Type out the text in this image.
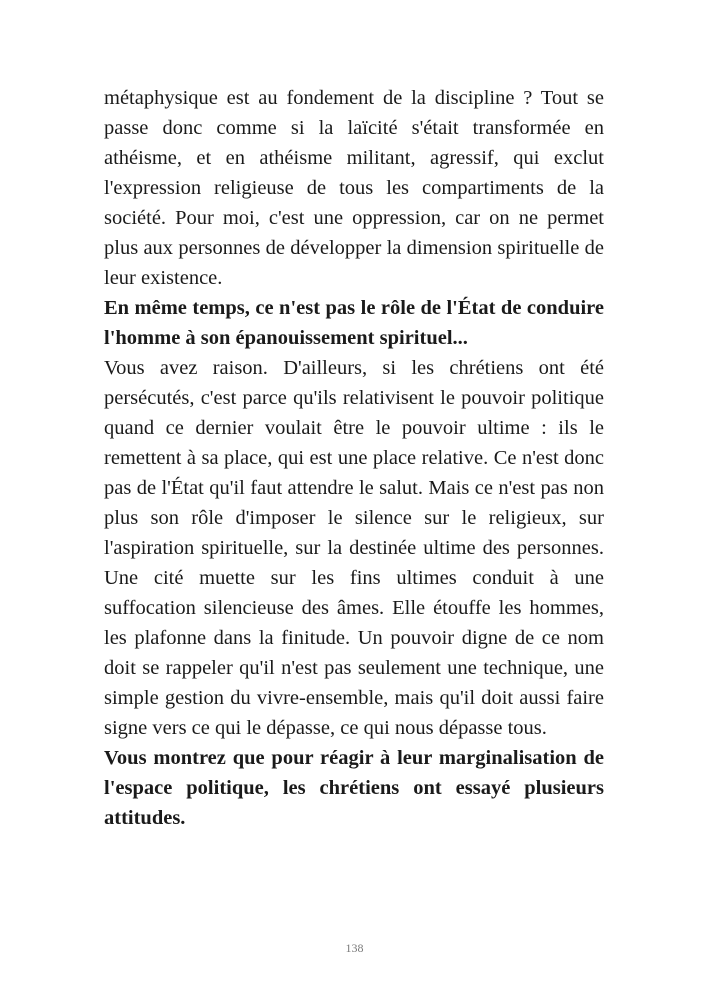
métaphysique est au fondement de la discipline ? Tout se passe donc comme si la laïcité s'était transformée en athéisme, et en athéisme militant, agressif, qui exclut l'expression religieuse de tous les compartiments de la société. Pour moi, c'est une oppression, car on ne permet plus aux personnes de développer la dimension spirituelle de leur existence.

En même temps, ce n'est pas le rôle de l'État de conduire l'homme à son épanouissement spirituel...

Vous avez raison. D'ailleurs, si les chrétiens ont été persécutés, c'est parce qu'ils relativisent le pouvoir politique quand ce dernier voulait être le pouvoir ultime : ils le remettent à sa place, qui est une place relative. Ce n'est donc pas de l'État qu'il faut attendre le salut. Mais ce n'est pas non plus son rôle d'imposer le silence sur le religieux, sur l'aspiration spirituelle, sur la destinée ultime des personnes. Une cité muette sur les fins ultimes conduit à une suffocation silencieuse des âmes. Elle étouffe les hommes, les plafonne dans la finitude. Un pouvoir digne de ce nom doit se rappeler qu'il n'est pas seulement une technique, une simple gestion du vivre-ensemble, mais qu'il doit aussi faire signe vers ce qui le dépasse, ce qui nous dépasse tous.

Vous montrez que pour réagir à leur marginalisation de l'espace politique, les chrétiens ont essayé plusieurs attitudes.

138
